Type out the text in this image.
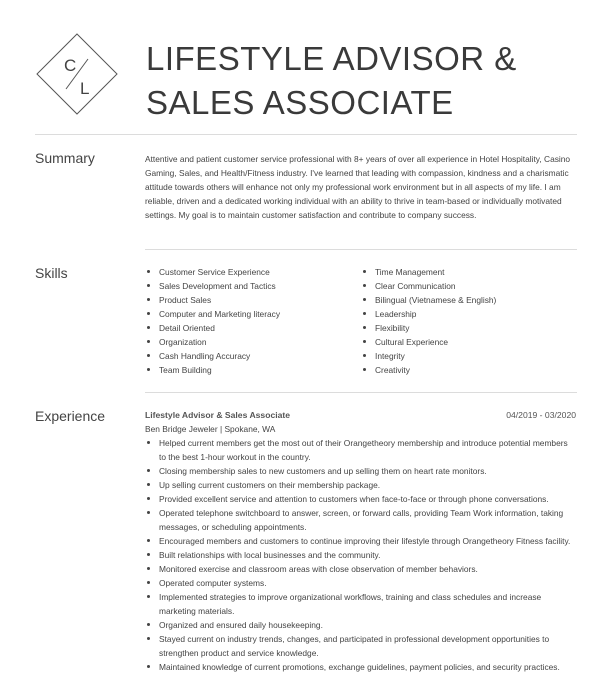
C
L
LIFESTYLE ADVISOR &
SALES ASSOCIATE
Summary	Attentive and patient customer service professional with 8+ years of over all experience in Hotel Hospitality, Casino Gaming, Sales, and Health/Fitness industry. I've learned that leading with compassion, kindness and a charismatic attitude towards others will enhance not only my professional work environment but in all aspects of my life. I am reliable, driven and a dedicated working individual with an ability to thrive in team-based or individually motivated settings. My goal is to maintain customer satisfaction and contribute to company success.
Skills	Customer Service Experience
Sales Development and Tactics
Product Sales
Computer and Marketing literacy
Detail Oriented
Organization
Cash Handling Accuracy
Team Building
Time Management
Clear Communication
Bilingual (Vietnamese & English)
Leadership
Flexibility
Cultural Experience
Integrity
Creativity
Experience	Lifestyle Advisor & Sales Associate	04/2019 - 03/2020
Ben Bridge Jeweler | Spokane, WA
Helped current members get the most out of their Orangetheory membership and introduce potential members to the best 1-hour workout in the country.
Closing membership sales to new customers and up selling them on heart rate monitors.
Up selling current customers on their membership package.
Provided excellent service and attention to customers when face-to-face or through phone conversations.
Operated telephone switchboard to answer, screen, or forward calls, providing Team Work information, taking messages, or scheduling appointments.
Encouraged members and customers to continue improving their lifestyle through Orangetheory Fitness facility.
Built relationships with local businesses and the community.
Monitored exercise and classroom areas with close observation of member behaviors.
Operated computer systems.
Implemented strategies to improve organizational workflows, training and class schedules and increase marketing materials.
Organized and ensured daily housekeeping.
Stayed current on industry trends, changes, and participated in professional development opportunities to strengthen product and service knowledge.
Maintained knowledge of current promotions, exchange guidelines, payment policies, and security practices.
